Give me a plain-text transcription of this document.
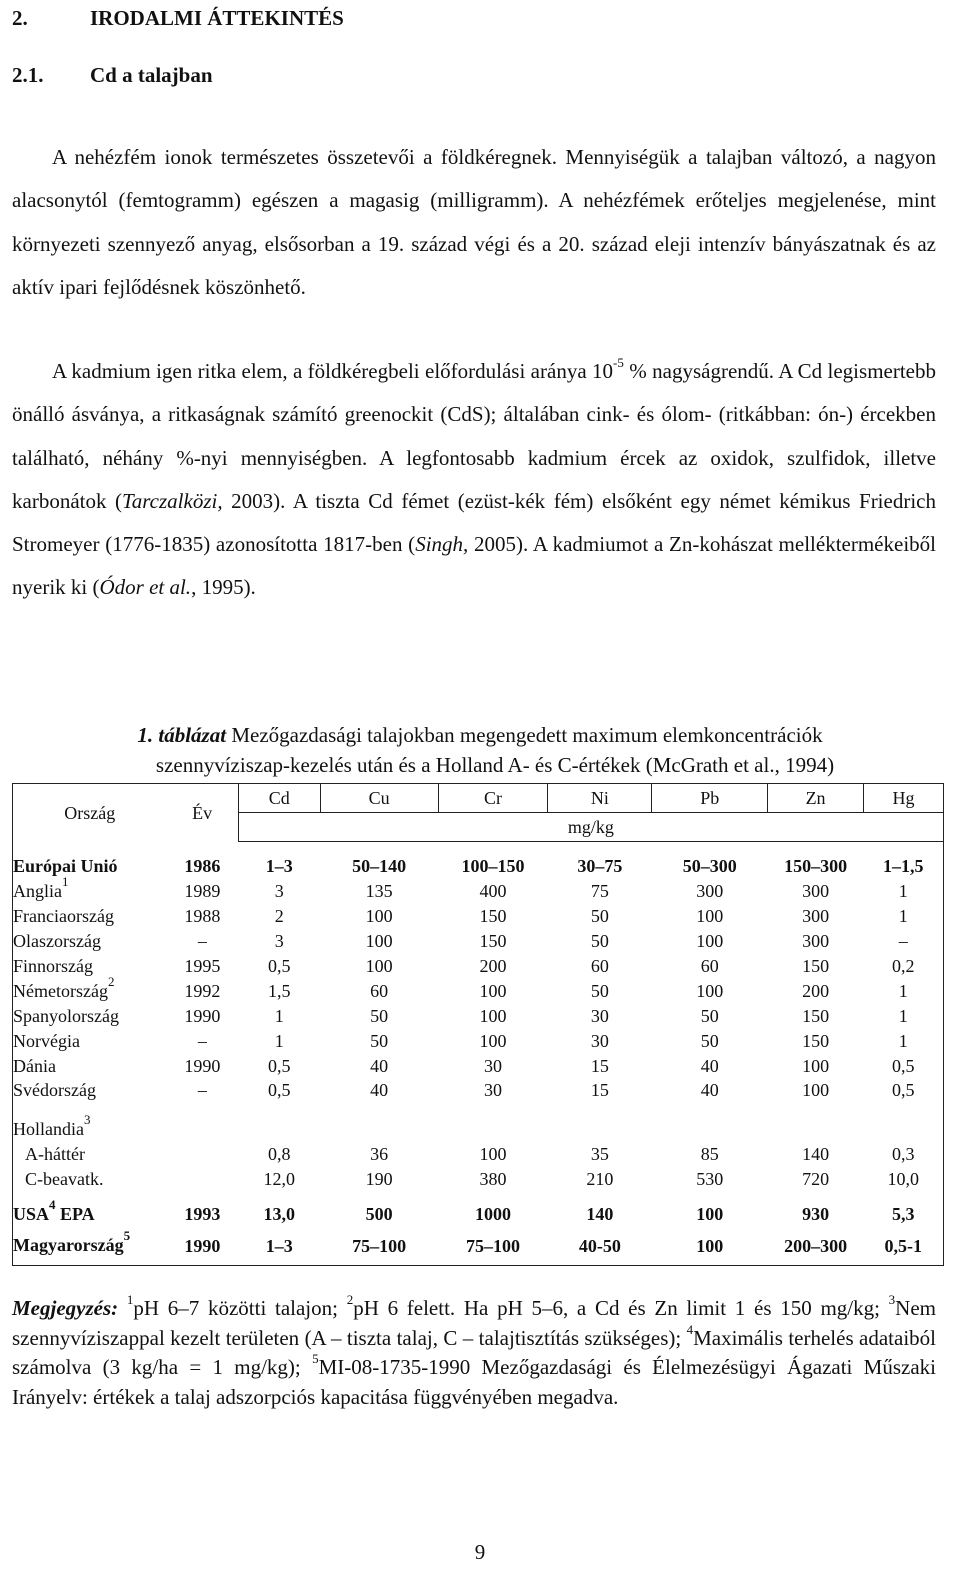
2.	IRODALMI ÁTTEKINTÉS
2.1. Cd a talajban
A nehézfém ionok természetes összetevői a földkéregnek. Mennyiségük a talajban változó, a nagyon alacsonytól (femtogramm) egészen a magasig (milligramm). A nehézfémek erőteljes megjelenése, mint környezeti szennyező anyag, elsősorban a 19. század végi és a 20. század eleji intenzív bányászatnak és az aktív ipari fejlődésnek köszönhető.
A kadmium igen ritka elem, a földkéregbeli előfordulási aránya $10^{-5}$ % nagyságrendű. A Cd legismertebb önálló ásványa, a ritkaságnak számító greenockit (CdS); általában cink- és ólom- (ritkábban: ón-) ércekben található, néhány %-nyi mennyiségben. A legfontosabb kadmium ércek az oxidok, szulfidok, illetve karbonátok (Tarczalközi, 2003). A tiszta Cd fémet (ezüst-kék fém) elsőként egy német kémikus Friedrich Stromeyer (1776-1835) azonosította 1817-ben (Singh, 2005). A kadmiumot a Zn-kohászat melléktermékeiből nyerik ki (Ódor et al., 1995).
1. táblázat Mezőgazdasági talajokban megengedett maximum elemkoncentrációk
szennyvíziszap-kezelés után és a Holland A- és C-értékek (McGrath et al., 1994)
Ország	Év	Cd	Cu	Cr	Ni	Pb	Zn	Hg
		mg/kg						

Európai Unió	1986	1–3	50–140	100–150	30–75	50–300	150–300	1–1,5
Anglia$^1$	1989	3	135	400	75	300	300	1
Franciaország	1988	2	100	150	50	100	300	1
Olaszország	–	3	100	150	50	100	300	–
Finnország	1995	0,5	100	200	60	60	150	0,2
Németország$^2$	1992	1,5	60	100	50	100	200	1
Spanyolország	1990	1	50	100	30	50	150	1
Norvégia	–	1	50	100	30	50	150	1
Dánia	1990	0,5	40	30	15	40	100	0,5
Svédország	–	0,5	40	30	15	40	100	0,5
Hollandia$^3$	
A-háttér		0,8	36	100	35	85	140	0,3
C-beavatk.		12,0	190	380	210	530	720	10,0
USA$^4$ EPA	1993	13,0	500	1000	140	100	930	5,3
Magyarország$^5$	1990	1–3	75–100	75–100	40-50	100	200–300	0,5-1
Megjegyzés: $^1$pH 6–7 közötti talajon; $^2$pH 6 felett. Ha pH 5–6, a Cd és Zn limit 1 és 150 mg/kg; $^3$Nem szennyvíziszappal kezelt területen (A – tiszta talaj, C – talajtisztítás szükséges); $^4$Maximális terhelés adataiból számolva (3 kg/ha = 1 mg/kg); $^5$MI-08-1735-1990 Mezőgazdasági és Élelmezésügyi Ágazati Műszaki Irányelv: értékek a talaj adszorpciós kapacitása függvényében megadva.
9
